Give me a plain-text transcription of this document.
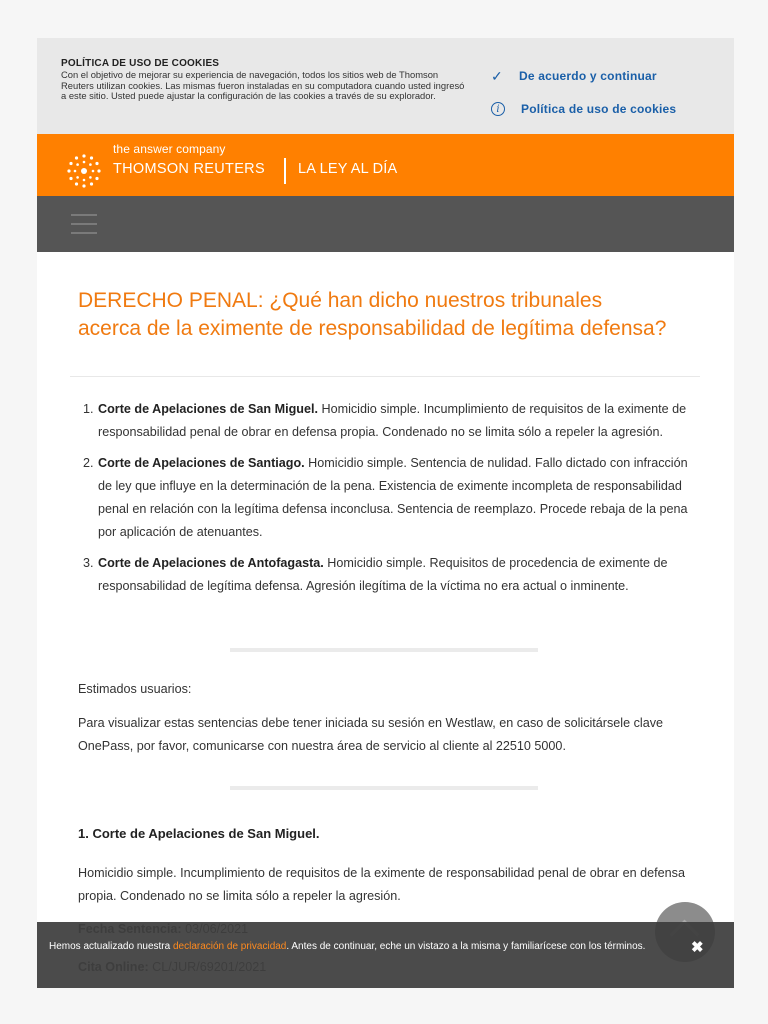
POLÍTICA DE USO DE COOKIES
Con el objetivo de mejorar su experiencia de navegación, todos los sitios web de Thomson Reuters utilizan cookies. Las mismas fueron instaladas en su computadora cuando usted ingresó a este sitio. Usted puede ajustar la configuración de las cookies a través de su explorador.
✓	De acuerdo y continuar
i	Política de uso de cookies
the answer company
THOMSON REUTERS LA LEY AL DÍA
DERECHO PENAL: ¿Qué han dicho nuestros tribunales acerca de la eximente de responsabilidad de legítima defensa?
1. Corte de Apelaciones de San Miguel. Homicidio simple. Incumplimiento de requisitos de la eximente de responsabilidad penal de obrar en defensa propia. Condenado no se limita sólo a repeler la agresión.
2. Corte de Apelaciones de Santiago. Homicidio simple. Sentencia de nulidad. Fallo dictado con infracción de ley que influye en la determinación de la pena. Existencia de eximente incompleta de responsabilidad penal en relación con la legítima defensa inconclusa. Sentencia de reemplazo. Procede rebaja de la pena por aplicación de atenuantes.
3. Corte de Apelaciones de Antofagasta. Homicidio simple. Requisitos de procedencia de eximente de responsabilidad de legítima defensa. Agresión ilegítima de la víctima no era actual o inminente.

Estimados usuarios:

Para visualizar estas sentencias debe tener iniciada su sesión en Westlaw, en caso de solicitársele clave OnePass, por favor, comunicarse con nuestra área de servicio al cliente al 22510 5000.

1. Corte de Apelaciones de San Miguel.

Homicidio simple. Incumplimiento de requisitos de la eximente de responsabilidad penal de obrar en defensa propia. Condenado no se limita sólo a repeler la agresión.

Hemos actualizado nuestra declaración de privacidad. Antes de continuar, eche un vistazo a la misma y familiarícese con los términos.	✖
